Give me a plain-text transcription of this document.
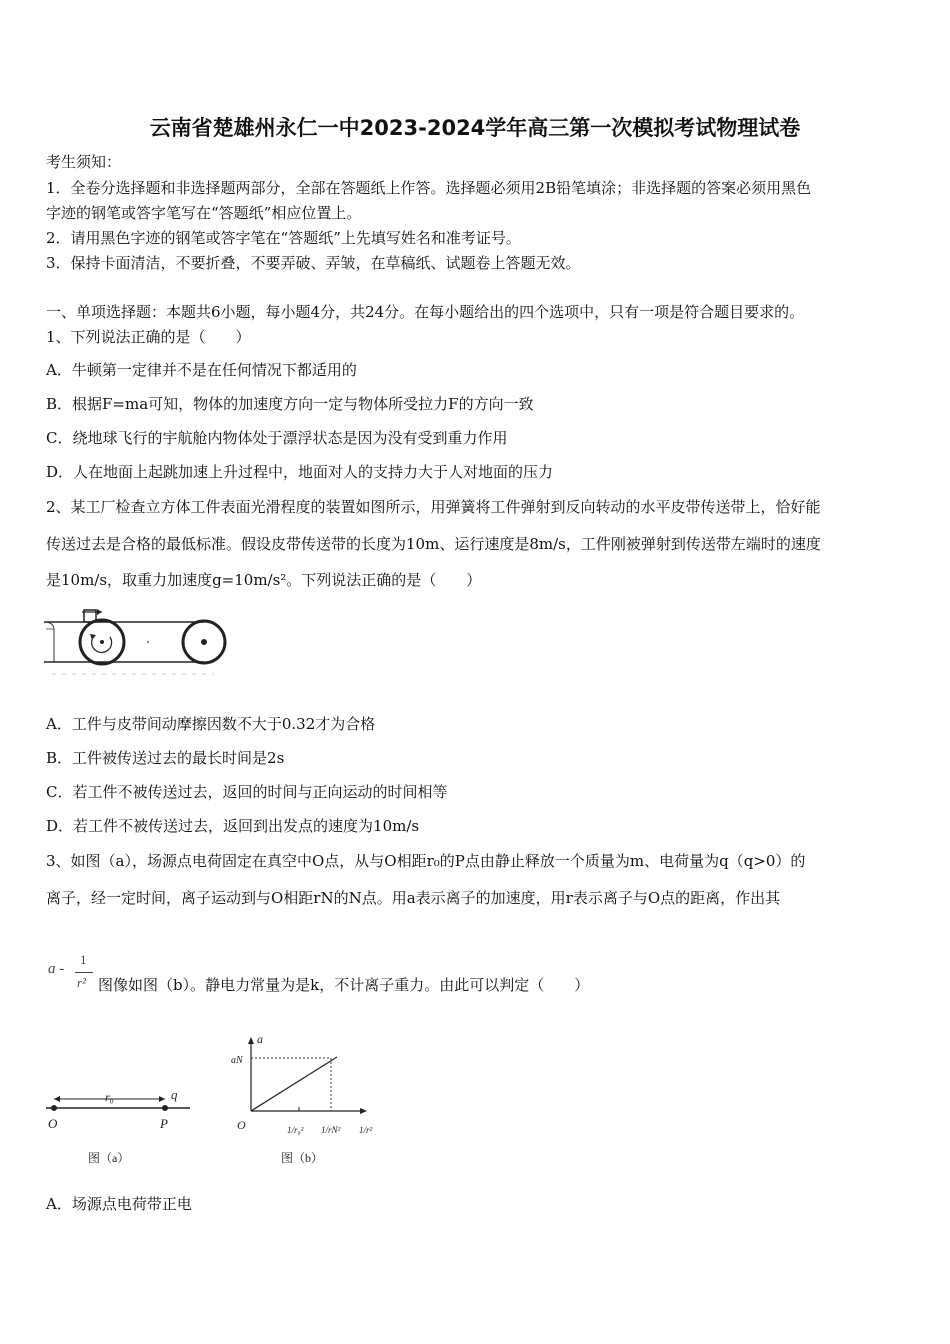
云南省楚雄州永仁一中2023-2024学年高三第一次模拟考试物理试卷
考生须知：
1．全卷分选择题和非选择题两部分，全部在答题纸上作答。选择题必须用2B铅笔填涂；非选择题的答案必须用黑色
字迹的钢笔或答字笔写在“答题纸”相应位置上。
2．请用黑色字迹的钢笔或答字笔在“答题纸”上先填写姓名和准考证号。
3．保持卡面清洁，不要折叠，不要弄破、弄皱，在草稿纸、试题卷上答题无效。
一、单项选择题：本题共6小题，每小题4分，共24分。在每小题给出的四个选项中，只有一项是符合题目要求的。
1、下列说法正确的是（　　）
A．牛顿第一定律并不是在任何情况下都适用的
B．根据F=ma可知，物体的加速度方向一定与物体所受拉力F的方向一致
C．绕地球飞行的宇航舱内物体处于漂浮状态是因为没有受到重力作用
D．人在地面上起跳加速上升过程中，地面对人的支持力大于人对地面的压力
2、某工厂检查立方体工件表面光滑程度的装置如图所示，用弹簧将工件弹射到反向转动的水平皮带传送带上，恰好能
传送过去是合格的最低标准。假设皮带传送带的长度为10m、运行速度是8m/s，工件刚被弹射到传送带左端时的速度
是10m/s，取重力加速度g=10m/s²。下列说法正确的是（　　）
A．工件与皮带间动摩擦因数不大于0.32才为合格
B．工件被传送过去的最长时间是2s
C．若工件不被传送过去，返回的时间与正向运动的时间相等
D．若工件不被传送过去，返回到出发点的速度为10m/s
3、如图（a），场源点电荷固定在真空中O点，从与O相距r₀的P点由静止释放一个质量为m、电荷量为q（q>0）的
离子，经一定时间，离子运动到与O相距rN的N点。用a表示离子的加速度，用r表示离子与O点的距离，作出其
a -
1
r² 图像如图（b）。静电力常量为是k，不计离子重力。由此可以判定（　　）
r₀	q
O	P
图（a）
a
aN
O	1/r₀² 1/rN² 1/r²
图（b）
A．场源点电荷带正电
